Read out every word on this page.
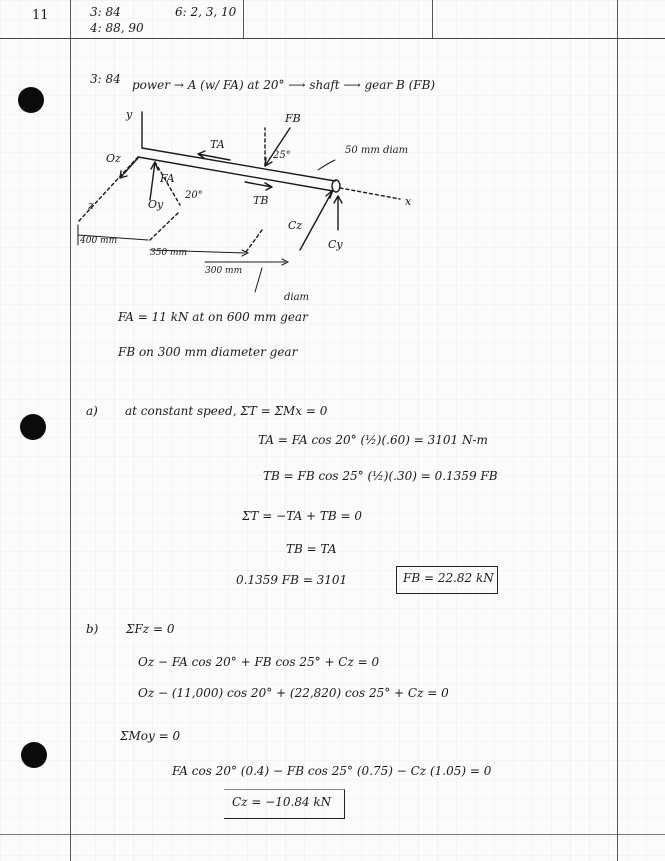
11	3: 84
4: 88, 90
6: 2, 3, 10
3: 84 power → A (w/ FA) at 20° ⟶ shaft ⟶ gear B (FB)
y
x
z
Oz
Oy
FA
FB
TA
TB
Cz
Cy
20°
25°	50 mm diam
400 mm
350 mm
300 mm
diam
FA = 11 kN at on 600 mm gear
FB on 300 mm diameter gear
a) at constant speed, ΣT = ΣMx = 0
TA = FA cos 20° (½)(.60) = 3101 N-m
TB = FB cos 25° (½)(.30) = 0.1359 FB
ΣT = −TA + TB = 0
TB = TA
0.1359 FB = 3101	FB = 22.82 kN
b) ΣFz = 0
Oz − FA cos 20° + FB cos 25° + Cz = 0
Oz − (11,000) cos 20° + (22,820) cos 25° + Cz = 0
ΣMoy = 0
FA cos 20° (0.4) − FB cos 25° (0.75) − Cz (1.05) = 0
Cz = −10.84 kN
